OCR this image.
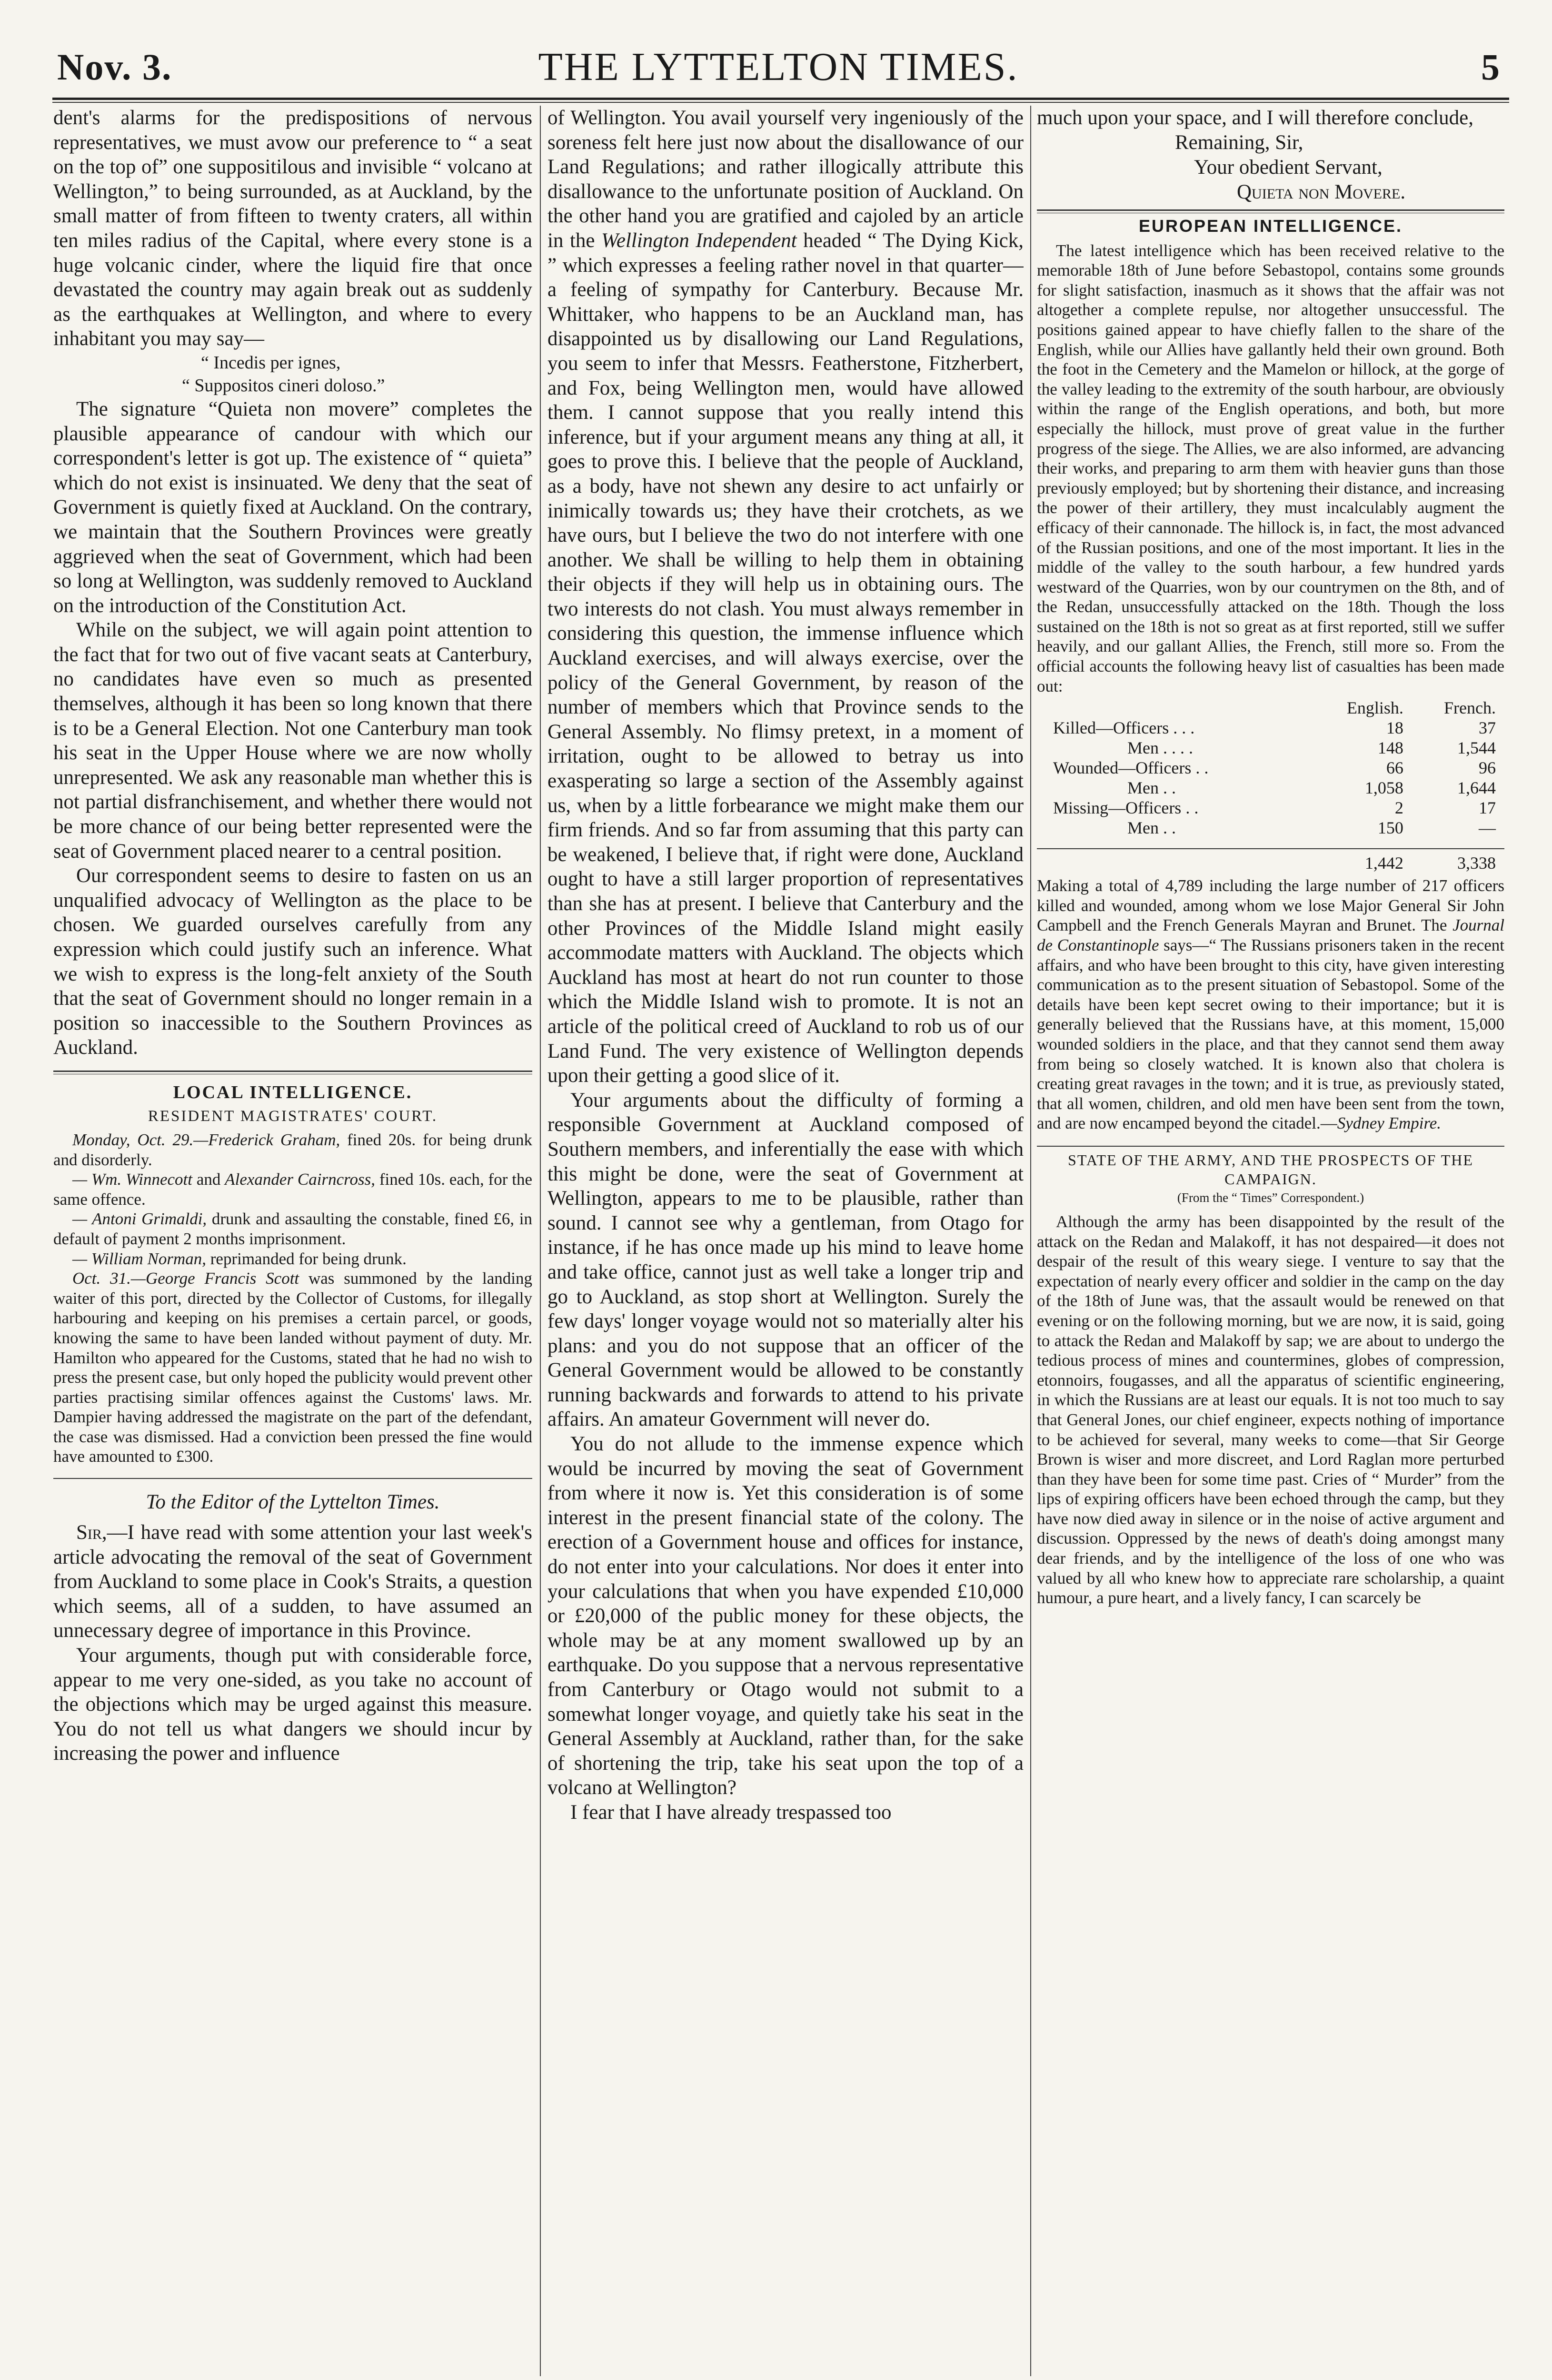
Nov. 3.	THE LYTTELTON TIMES.	5

dent's alarms for the predispositions of nervous representatives, we must avow our preference to “ a seat on the top of” one suppositilous and invisible “ volcano at Wellington,” to being surrounded, as at Auckland, by the small matter of from fifteen to twenty craters, all within ten miles radius of the Capital, where every stone is a huge volcanic cinder, where the liquid fire that once devastated the country may again break out as suddenly as the earthquakes at Wellington, and where to every inhabitant you may say—

“ Incedis per ignes,
“ Suppositos cineri doloso.”

The signature “Quieta non movere” completes the plausible appearance of candour with which our correspondent's letter is got up. The existence of “ quieta” which do not exist is insinuated. We deny that the seat of Government is quietly fixed at Auckland. On the contrary, we maintain that the Southern Provinces were greatly aggrieved when the seat of Government, which had been so long at Wellington, was suddenly removed to Auckland on the introduction of the Constitution Act.

While on the subject, we will again point attention to the fact that for two out of five vacant seats at Canterbury, no candidates have even so much as presented themselves, although it has been so long known that there is to be a General Election. Not one Canterbury man took his seat in the Upper House where we are now wholly unrepresented. We ask any reasonable man whether this is not partial disfranchisement, and whether there would not be more chance of our being better represented were the seat of Government placed nearer to a central position.

Our correspondent seems to desire to fasten on us an unqualified advocacy of Wellington as the place to be chosen. We guarded ourselves carefully from any expression which could justify such an inference. What we wish to express is the long-felt anxiety of the South that the seat of Government should no longer remain in a position so inaccessible to the Southern Provinces as Auckland.

LOCAL INTELLIGENCE.
RESIDENT MAGISTRATES' COURT.

Monday, Oct. 29.—Frederick Graham, fined 20s. for being drunk and disorderly.

— Wm. Winnecott and Alexander Cairncross, fined 10s. each, for the same offence.

— Antoni Grimaldi, drunk and assaulting the constable, fined £6, in default of payment 2 months imprisonment.

— William Norman, reprimanded for being drunk.

Oct. 31.—George Francis Scott was summoned by the landing waiter of this port, directed by the Collector of Customs, for illegally harbouring and keeping on his premises a certain parcel, or goods, knowing the same to have been landed without payment of duty. Mr. Hamilton who appeared for the Customs, stated that he had no wish to press the present case, but only hoped the publicity would prevent other parties practising similar offences against the Customs' laws. Mr. Dampier having addressed the magistrate on the part of the defendant, the case was dismissed. Had a conviction been pressed the fine would have amounted to £300.

To the Editor of the Lyttelton Times.

Sir,—I have read with some attention your last week's article advocating the removal of the seat of Government from Auckland to some place in Cook's Straits, a question which seems, all of a sudden, to have assumed an unnecessary degree of importance in this Province.

Your arguments, though put with considerable force, appear to me very one-sided, as you take no account of the objections which may be urged against this measure. You do not tell us what dangers we should incur by increasing the power and influence

of Wellington. You avail yourself very ingeniously of the soreness felt here just now about the disallowance of our Land Regulations; and rather illogically attribute this disallowance to the unfortunate position of Auckland. On the other hand you are gratified and cajoled by an article in the Wellington Independent headed “ The Dying Kick, ” which expresses a feeling rather novel in that quarter—a feeling of sympathy for Canterbury. Because Mr. Whittaker, who happens to be an Auckland man, has disappointed us by disallowing our Land Regulations, you seem to infer that Messrs. Featherstone, Fitzherbert, and Fox, being Wellington men, would have allowed them. I cannot suppose that you really intend this inference, but if your argument means any thing at all, it goes to prove this. I believe that the people of Auckland, as a body, have not shewn any desire to act unfairly or inimically towards us; they have their crotchets, as we have ours, but I believe the two do not interfere with one another. We shall be willing to help them in obtaining their objects if they will help us in obtaining ours. The two interests do not clash. You must always remember in considering this question, the immense influence which Auckland exercises, and will always exercise, over the policy of the General Government, by reason of the number of members which that Province sends to the General Assembly. No flimsy pretext, in a moment of irritation, ought to be allowed to betray us into exasperating so large a section of the Assembly against us, when by a little forbearance we might make them our firm friends. And so far from assuming that this party can be weakened, I believe that, if right were done, Auckland ought to have a still larger proportion of representatives than she has at present. I believe that Canterbury and the other Provinces of the Middle Island might easily accommodate matters with Auckland. The objects which Auckland has most at heart do not run counter to those which the Middle Island wish to promote. It is not an article of the political creed of Auckland to rob us of our Land Fund. The very existence of Wellington depends upon their getting a good slice of it.

Your arguments about the difficulty of forming a responsible Government at Auckland composed of Southern members, and inferentially the ease with which this might be done, were the seat of Government at Wellington, appears to me to be plausible, rather than sound. I cannot see why a gentleman, from Otago for instance, if he has once made up his mind to leave home and take office, cannot just as well take a longer trip and go to Auckland, as stop short at Wellington. Surely the few days' longer voyage would not so materially alter his plans: and you do not suppose that an officer of the General Government would be allowed to be constantly running backwards and forwards to attend to his private affairs. An amateur Government will never do.

You do not allude to the immense expence which would be incurred by moving the seat of Government from where it now is. Yet this consideration is of some interest in the present financial state of the colony. The erection of a Government house and offices for instance, do not enter into your calculations. Nor does it enter into your calculations that when you have expended £10,000 or £20,000 of the public money for these objects, the whole may be at any moment swallowed up by an earthquake. Do you suppose that a nervous representative from Canterbury or Otago would not submit to a somewhat longer voyage, and quietly take his seat in the General Assembly at Auckland, rather than, for the sake of shortening the trip, take his seat upon the top of a volcano at Wellington?

I fear that I have already trespassed too

much upon your space, and I will therefore conclude,

Remaining, Sir,
Your obedient Servant,
Quieta non Movere.
EUROPEAN INTELLIGENCE.

The latest intelligence which has been received relative to the memorable 18th of June before Sebastopol, contains some grounds for slight satisfaction, inasmuch as it shows that the affair was not altogether a complete repulse, nor altogether unsuccessful. The positions gained appear to have chiefly fallen to the share of the English, while our Allies have gallantly held their own ground. Both the foot in the Cemetery and the Mamelon or hillock, at the gorge of the valley leading to the extremity of the south harbour, are obviously within the range of the English operations, and both, but more especially the hillock, must prove of great value in the further progress of the siege. The Allies, we are also informed, are advancing their works, and preparing to arm them with heavier guns than those previously employed; but by shortening their distance, and increasing the power of their artillery, they must incalculably augment the efficacy of their cannonade. The hillock is, in fact, the most advanced of the Russian positions, and one of the most important. It lies in the middle of the valley to the south harbour, a few hundred yards westward of the Quarries, won by our countrymen on the 8th, and of the Redan, unsuccessfully attacked on the 18th. Though the loss sustained on the 18th is not so great as at first reported, still we suffer heavily, and our gallant Allies, the French, still more so. From the official accounts the following heavy list of casualties has been made out:

	English.	French.
Killed—Officers . . .	18	37
Men . . . .	148	1,544
Wounded—Officers . .	66	96
Men . .	1,058	1,644
Missing—Officers . .	2	17
Men . .	150	—

	1,442	3,338

Making a total of 4,789 including the large number of 217 officers killed and wounded, among whom we lose Major General Sir John Campbell and the French Generals Mayran and Brunet. The Journal de Constantinople says—“ The Russians prisoners taken in the recent affairs, and who have been brought to this city, have given interesting communication as to the present situation of Sebastopol. Some of the details have been kept secret owing to their importance; but it is generally believed that the Russians have, at this moment, 15,000 wounded soldiers in the place, and that they cannot send them away from being so closely watched. It is known also that cholera is creating great ravages in the town; and it is true, as previously stated, that all women, children, and old men have been sent from the town, and are now encamped beyond the citadel.—Sydney Empire.

STATE OF THE ARMY, AND THE PROSPECTS OF THE CAMPAIGN.
(From the “ Times” Correspondent.)

Although the army has been disappointed by the result of the attack on the Redan and Malakoff, it has not despaired—it does not despair of the result of this weary siege. I venture to say that the expectation of nearly every officer and soldier in the camp on the day of the 18th of June was, that the assault would be renewed on that evening or on the following morning, but we are now, it is said, going to attack the Redan and Malakoff by sap; we are about to undergo the tedious process of mines and countermines, globes of compression, etonnoirs, fougasses, and all the apparatus of scientific engineering, in which the Russians are at least our equals. It is not too much to say that General Jones, our chief engineer, expects nothing of importance to be achieved for several, many weeks to come—that Sir George Brown is wiser and more discreet, and Lord Raglan more perturbed than they have been for some time past. Cries of “ Murder” from the lips of expiring officers have been echoed through the camp, but they have now died away in silence or in the noise of active argument and discussion. Oppressed by the news of death's doing amongst many dear friends, and by the intelligence of the loss of one who was valued by all who knew how to appreciate rare scholarship, a quaint humour, a pure heart, and a lively fancy, I can scarcely be
